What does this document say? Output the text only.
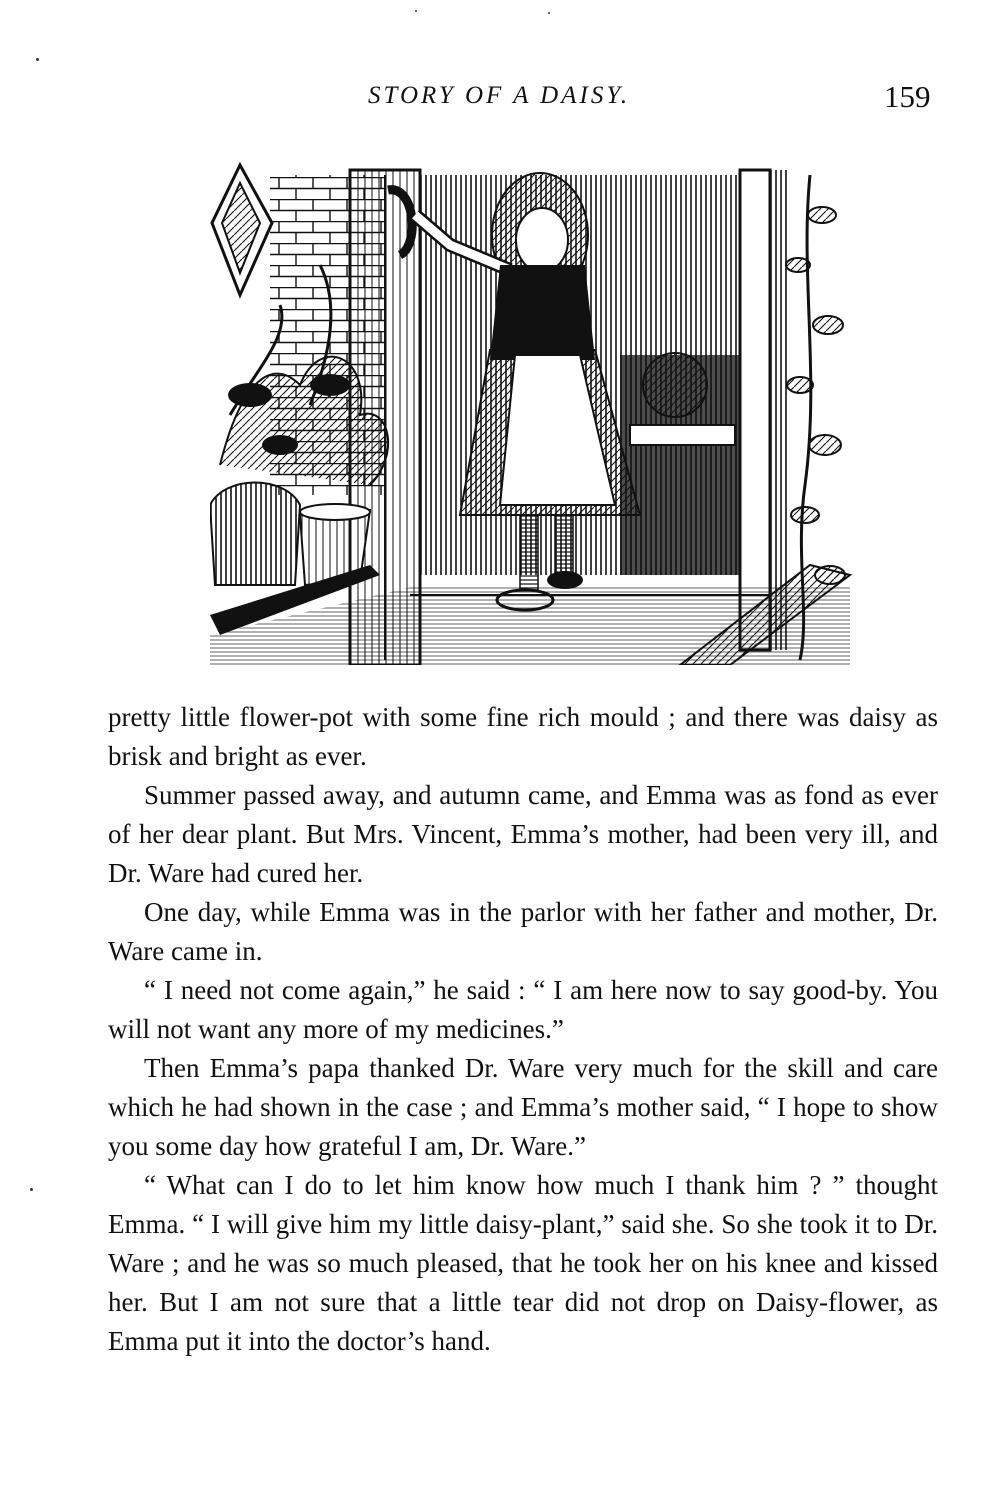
STORY OF A DAISY.	159

pretty little flower-pot with some fine rich mould ; and there was daisy as brisk and bright as ever.

Summer passed away, and autumn came, and Emma was as fond as ever of her dear plant. But Mrs. Vincent, Emma’s mother, had been very ill, and Dr. Ware had cured her.

One day, while Emma was in the parlor with her father and mother, Dr. Ware came in.

“ I need not come again,” he said : “ I am here now to say good-by. You will not want any more of my medicines.”

Then Emma’s papa thanked Dr. Ware very much for the skill and care which he had shown in the case ; and Emma’s mother said, “ I hope to show you some day how grateful I am, Dr. Ware.”

“ What can I do to let him know how much I thank him ? ” thought Emma. “ I will give him my little daisy-plant,” said she. So she took it to Dr. Ware ; and he was so much pleased, that he took her on his knee and kissed her. But I am not sure that a little tear did not drop on Daisy-flower, as Emma put it into the doctor’s hand.
